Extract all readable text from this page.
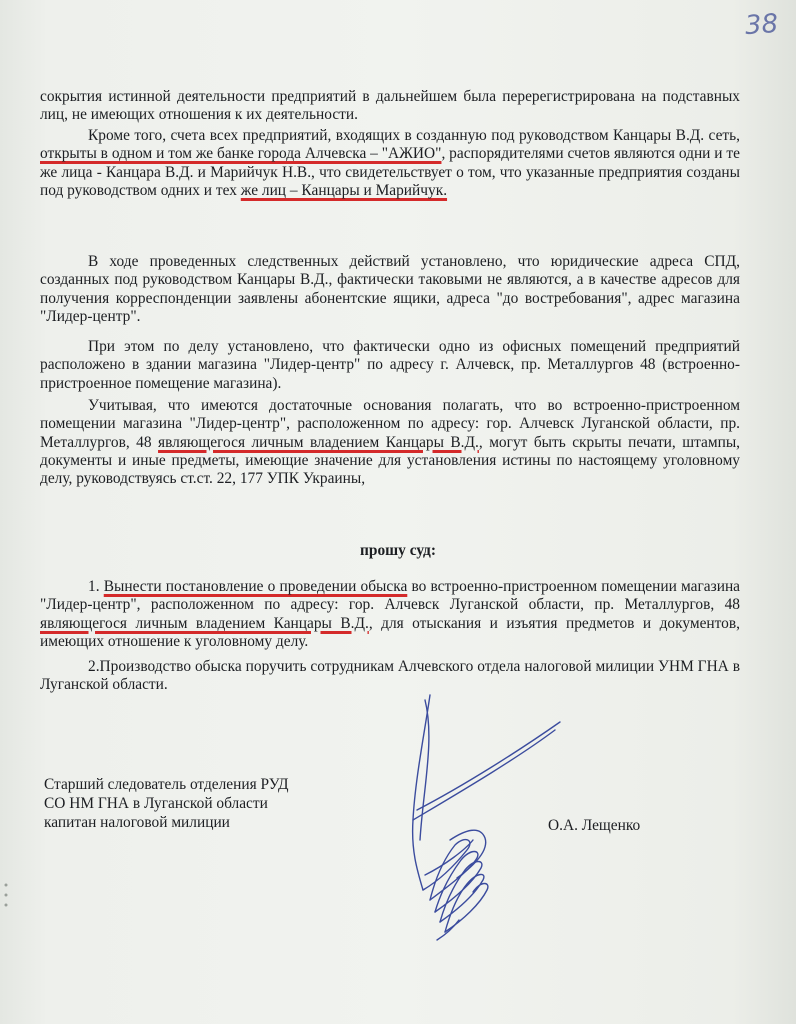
38

сокрытия истинной деятельности предприятий в дальнейшем была перерегистрирована на подставных лиц, не имеющих отношения к их деятельности.

Кроме того, счета всех предприятий, входящих в созданную под руководством Канцары В.Д. сеть, открыты в одном и том же банке города Алчевска – "АЖИО", распорядителями счетов являются одни и те же лица - Канцара В.Д. и Марийчук Н.В., что свидетельствует о том, что указанные предприятия созданы под руководством одних и тех же лиц – Канцары и Марийчук.

В ходе проведенных следственных действий установлено, что юридические адреса СПД, созданных под руководством Канцары В.Д., фактически таковыми не являются, а в качестве адресов для получения корреспонденции заявлены абонентские ящики, адреса "до востребования", адрес магазина "Лидер-центр".

При этом по делу установлено, что фактически одно из офисных помещений предприятий расположено в здании магазина "Лидер-центр" по адресу г. Алчевск, пр. Металлургов 48 (встроенно-пристроенное помещение магазина).

Учитывая, что имеются достаточные основания полагать, что во встроенно-пристроенном помещении магазина "Лидер-центр", расположенном по адресу: гор. Алчевск Луганской области, пр. Металлургов, 48 являющегося личным владением Канцары В.Д., могут быть скрыты печати, штампы, документы и иные предметы, имеющие значение для установления истины по настоящему уголовному делу, руководствуясь ст.ст. 22, 177 УПК Украины,

прошу суд:

1. Вынести постановление о проведении обыска во встроенно-пристроенном помещении магазина "Лидер-центр", расположенном по адресу: гор. Алчевск Луганской области, пр. Металлургов, 48 являющегося личным владением Канцары В.Д., для отыскания и изъятия предметов и документов, имеющих отношение к уголовному делу.

2.Производство обыска поручить сотрудникам Алчевского отдела налоговой милиции УНМ ГНА в Луганской области.

Старший следователь отделения РУД
СО НМ ГНА в Луганской области
капитан налоговой милиции	О.А. Лещенко
